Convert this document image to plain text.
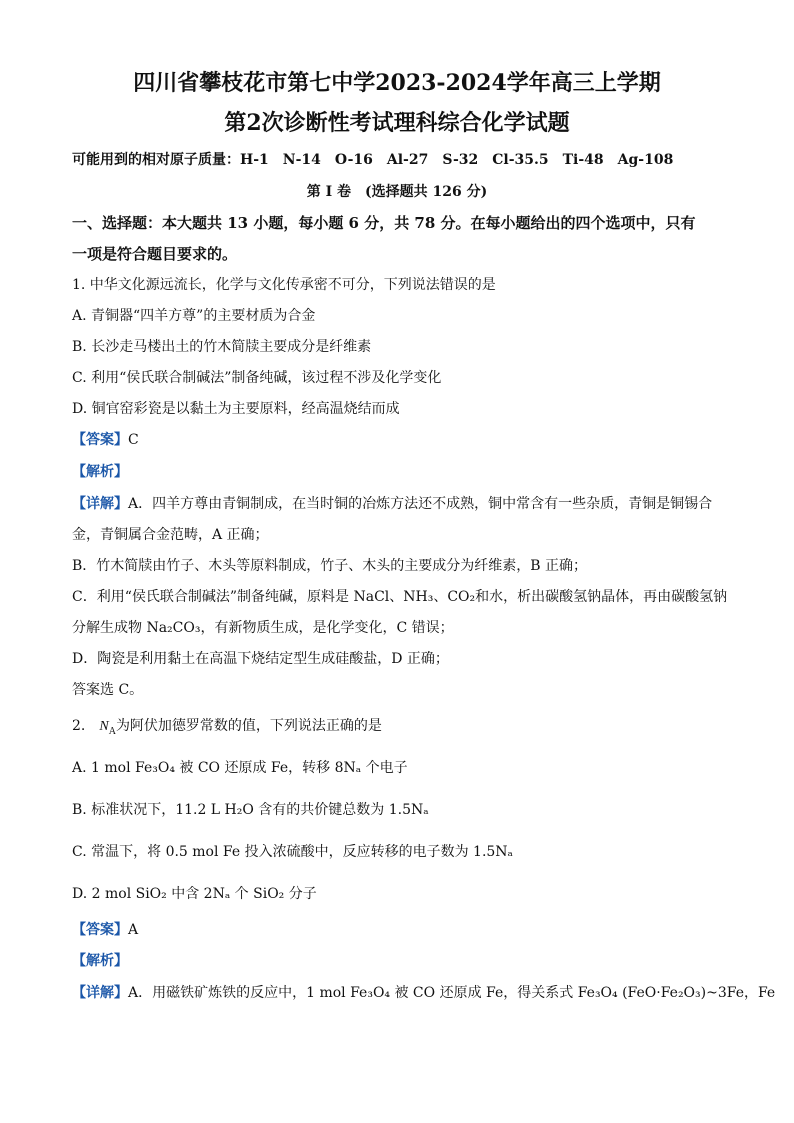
四川省攀枝花市第七中学2023-2024学年高三上学期
第2次诊断性考试理科综合化学试题
可能用到的相对原子质量：H-1　N-14　O-16　Al-27　S-32　Cl-35.5　Ti-48　Ag-108
第 I 卷　(选择题共 126 分)
一、选择题：本大题共 13 小题，每小题 6 分，共 78 分。在每小题给出的四个选项中，只有
一项是符合题目要求的。
1. 中华文化源远流长，化学与文化传承密不可分，下列说法错误的是
A. 青铜器“四羊方尊”的主要材质为合金
B. 长沙走马楼出土的竹木简牍主要成分是纤维素
C. 利用“侯氏联合制碱法”制备纯碱，该过程不涉及化学变化
D. 铜官窑彩瓷是以黏土为主要原料，经高温烧结而成
【答案】C
【解析】
【详解】A．四羊方尊由青铜制成，在当时铜的冶炼方法还不成熟，铜中常含有一些杂质，青铜是铜锡合
金，青铜属合金范畴，A 正确；
B．竹木简牍由竹子、木头等原料制成，竹子、木头的主要成分为纤维素，B 正确；
C．利用“侯氏联合制碱法”制备纯碱，原料是 NaCl、NH₃、CO₂和水，析出碳酸氢钠晶体，再由碳酸氢钠
分解生成物 Na₂CO₃，有新物质生成，是化学变化，C 错误；
D．陶瓷是利用黏土在高温下烧结定型生成硅酸盐，D 正确；
答案选 C。
2.　$N_A$为阿伏加德罗常数的值，下列说法正确的是
A. 1 mol Fe₃O₄ 被 CO 还原成 Fe，转移 8Nₐ 个电子
B. 标准状况下，11.2 L H₂O 含有的共价键总数为 1.5Nₐ
C. 常温下，将 0.5 mol Fe 投入浓硫酸中，反应转移的电子数为 1.5Nₐ
D. 2 mol SiO₂ 中含 2Nₐ 个 SiO₂ 分子
【答案】A
【解析】
【详解】A．用磁铁矿炼铁的反应中，1 mol Fe₃O₄ 被 CO 还原成 Fe，得关系式 Fe₃O₄ (FeO·Fe₂O₃)~3Fe，Fe
